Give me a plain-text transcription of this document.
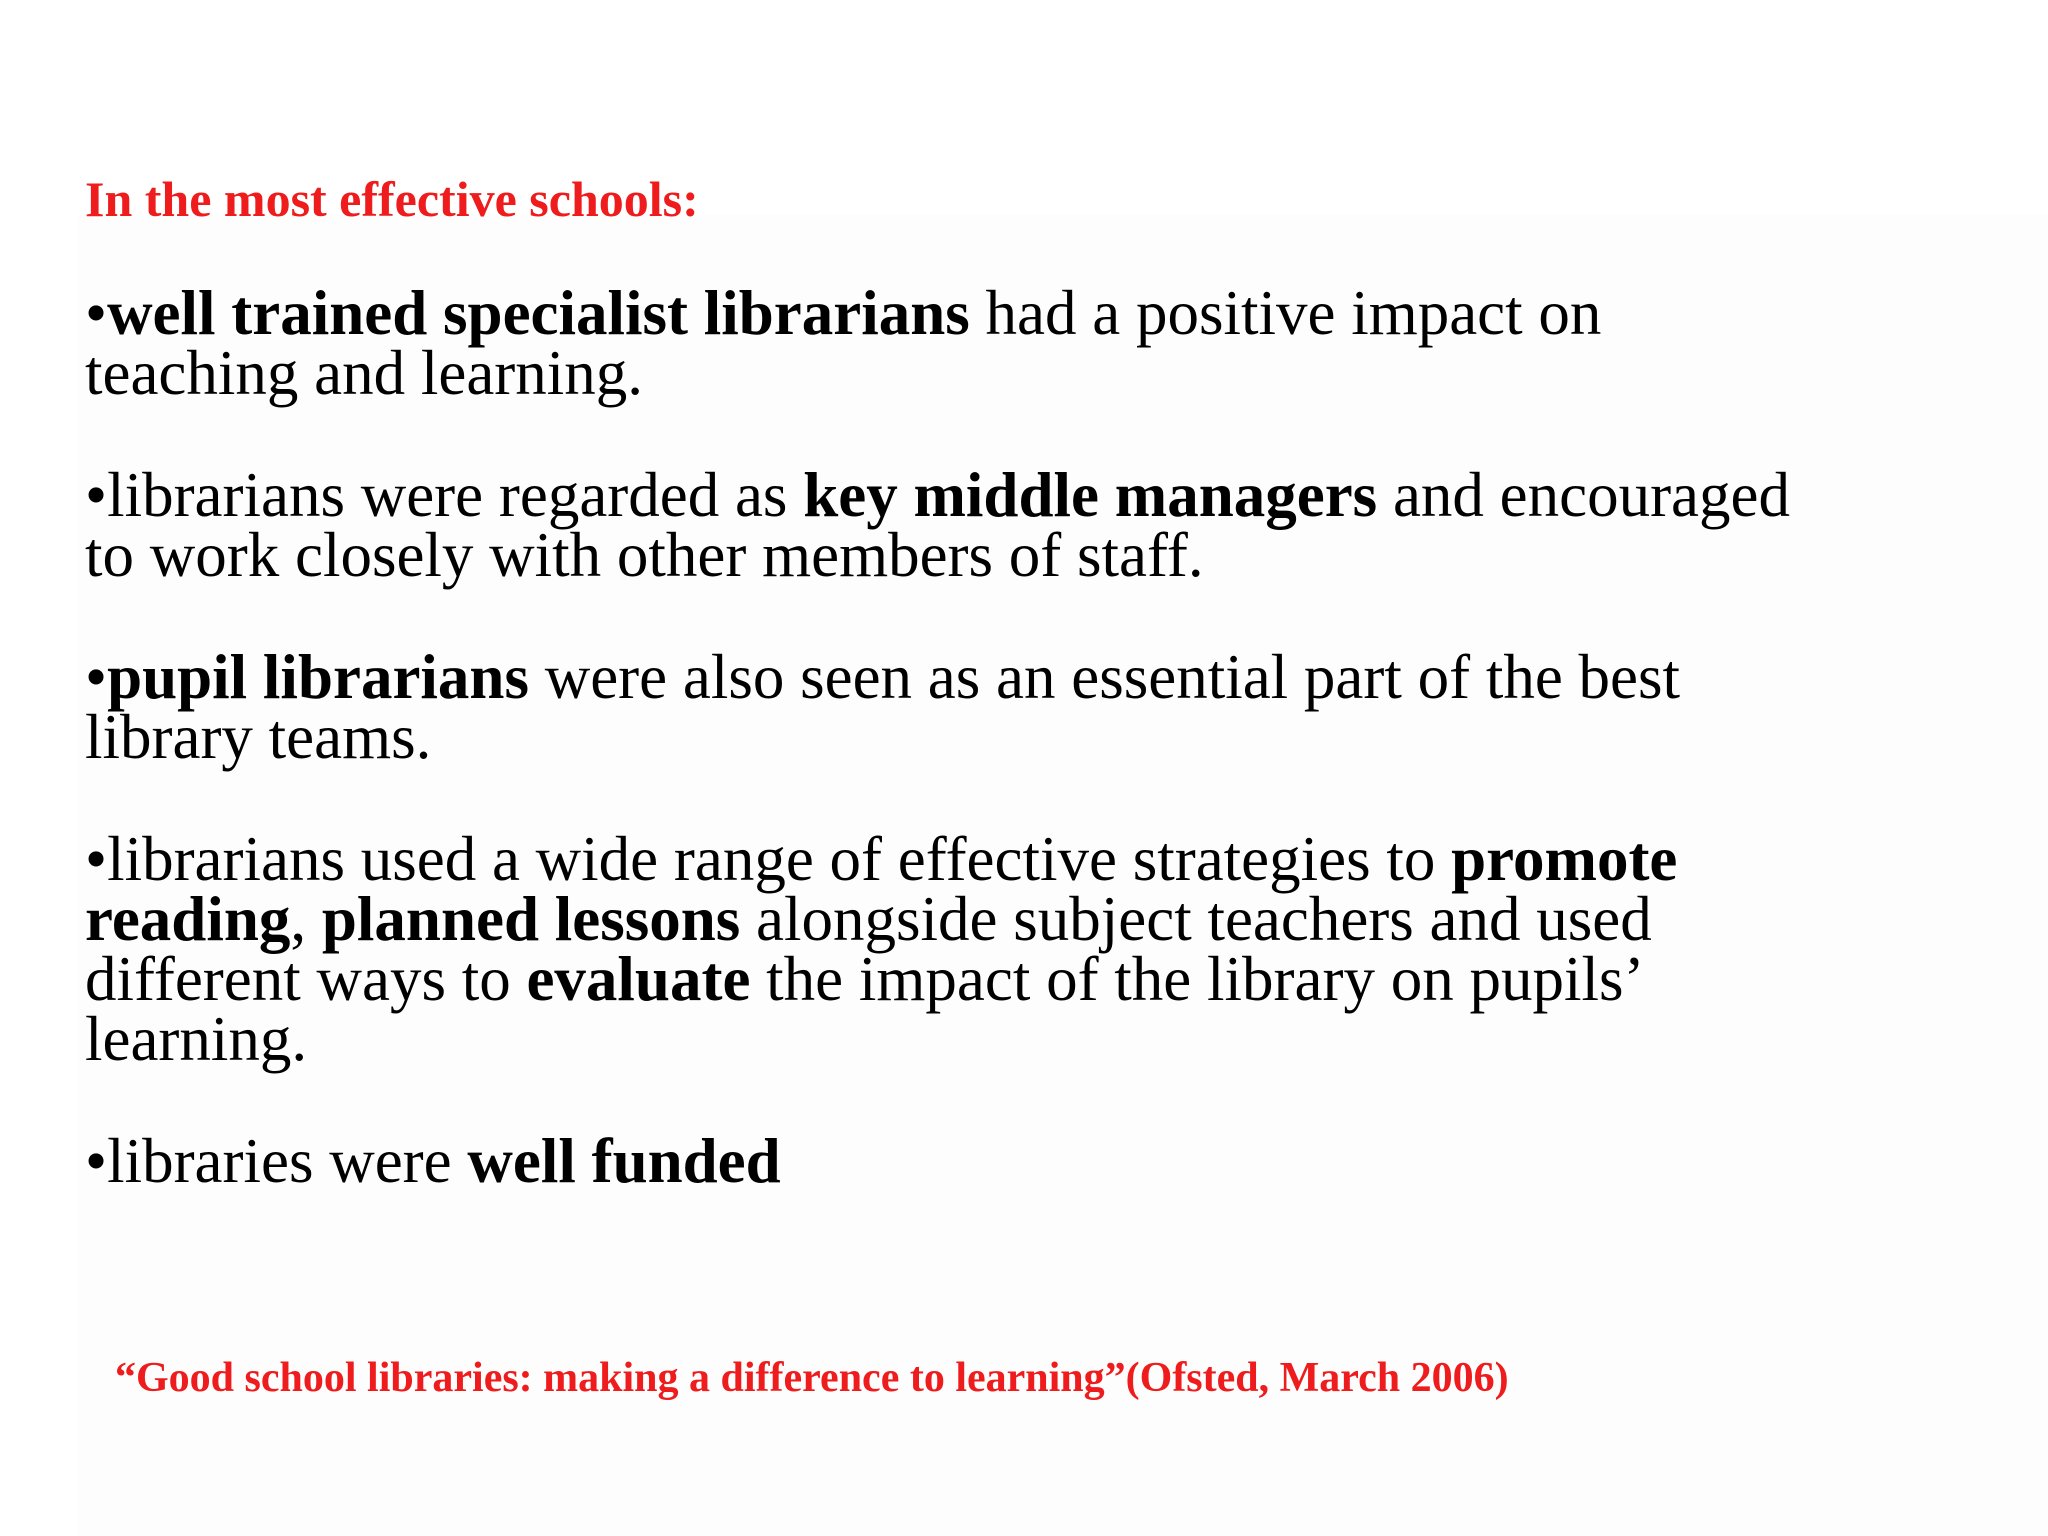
In the most effective schools:
•well trained specialist librarians had a positive impact on
teaching and learning.
•librarians were regarded as key middle managers and encouraged
to work closely with other members of staff.
•pupil librarians were also seen as an essential part of the best
library teams.
•librarians used a wide range of effective strategies to promote
reading, planned lessons alongside subject teachers and used
different ways to evaluate the impact of the library on pupils’
learning.
•libraries were well funded

“Good school libraries: making a difference to learning”(Ofsted, March 2006)
